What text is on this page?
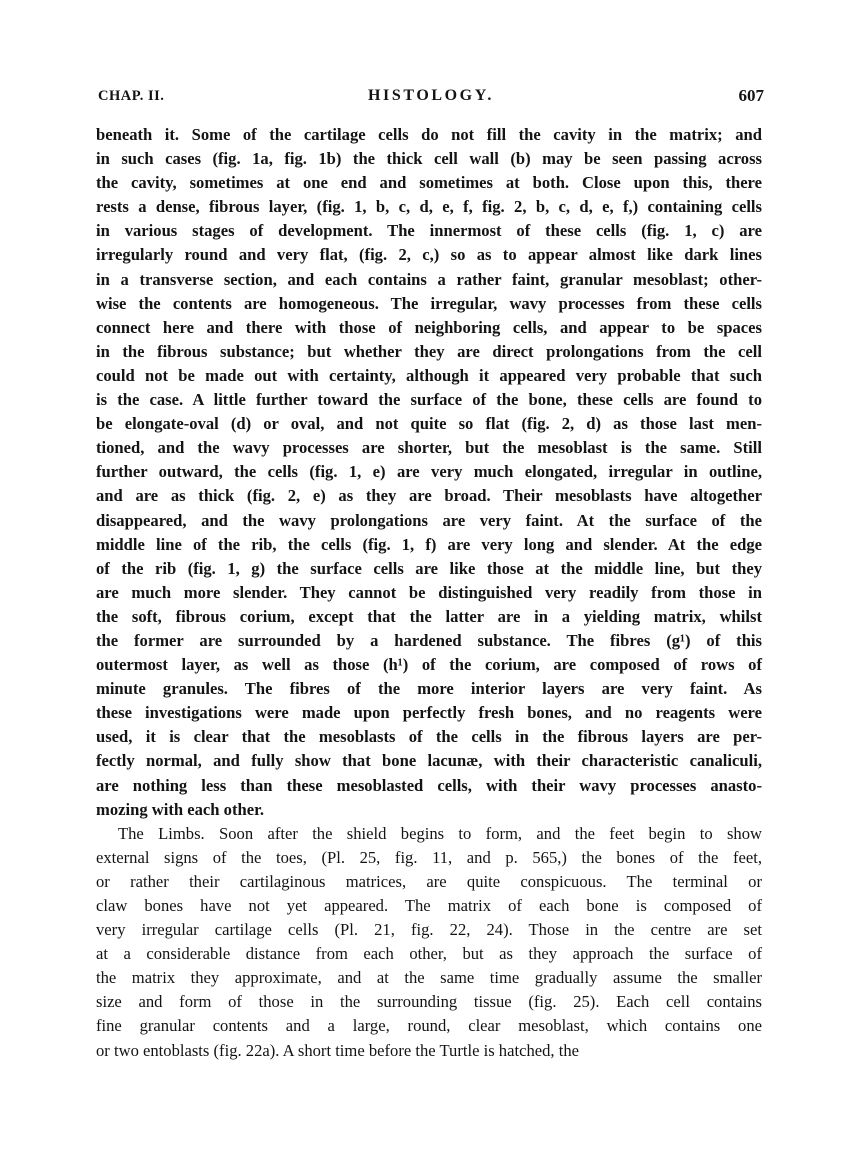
CHAP. II.	HISTOLOGY.	607
beneath it. Some of the cartilage cells do not fill the cavity in the matrix; and
in such cases (fig. 1a, fig. 1b) the thick cell wall (b) may be seen passing across
the cavity, sometimes at one end and sometimes at both. Close upon this, there
rests a dense, fibrous layer, (fig. 1, b, c, d, e, f, fig. 2, b, c, d, e, f,) containing cells
in various stages of development. The innermost of these cells (fig. 1, c) are
irregularly round and very flat, (fig. 2, c,) so as to appear almost like dark lines
in a transverse section, and each contains a rather faint, granular mesoblast; other-
wise the contents are homogeneous. The irregular, wavy processes from these cells
connect here and there with those of neighboring cells, and appear to be spaces
in the fibrous substance; but whether they are direct prolongations from the cell
could not be made out with certainty, although it appeared very probable that such
is the case. A little further toward the surface of the bone, these cells are found to
be elongate-oval (d) or oval, and not quite so flat (fig. 2, d) as those last men-
tioned, and the wavy processes are shorter, but the mesoblast is the same. Still
further outward, the cells (fig. 1, e) are very much elongated, irregular in outline,
and are as thick (fig. 2, e) as they are broad. Their mesoblasts have altogether
disappeared, and the wavy prolongations are very faint. At the surface of the
middle line of the rib, the cells (fig. 1, f) are very long and slender. At the edge
of the rib (fig. 1, g) the surface cells are like those at the middle line, but they
are much more slender. They cannot be distinguished very readily from those in
the soft, fibrous corium, except that the latter are in a yielding matrix, whilst
the former are surrounded by a hardened substance. The fibres (g¹) of this
outermost layer, as well as those (h¹) of the corium, are composed of rows of
minute granules. The fibres of the more interior layers are very faint. As
these investigations were made upon perfectly fresh bones, and no reagents were
used, it is clear that the mesoblasts of the cells in the fibrous layers are per-
fectly normal, and fully show that bone lacunæ, with their characteristic canaliculi,
are nothing less than these mesoblasted cells, with their wavy processes anasto-
mozing with each other.
The Limbs. Soon after the shield begins to form, and the feet begin to show
external signs of the toes, (Pl. 25, fig. 11, and p. 565,) the bones of the feet,
or rather their cartilaginous matrices, are quite conspicuous. The terminal or
claw bones have not yet appeared. The matrix of each bone is composed of
very irregular cartilage cells (Pl. 21, fig. 22, 24). Those in the centre are set
at a considerable distance from each other, but as they approach the surface of
the matrix they approximate, and at the same time gradually assume the smaller
size and form of those in the surrounding tissue (fig. 25). Each cell contains
fine granular contents and a large, round, clear mesoblast, which contains one
or two entoblasts (fig. 22a). A short time before the Turtle is hatched, the
